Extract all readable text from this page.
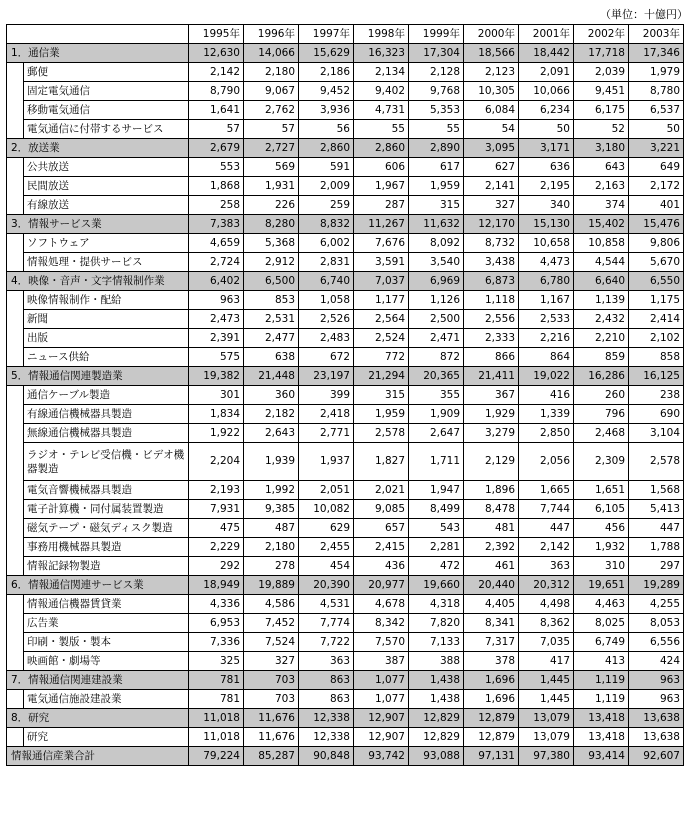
（単位：十億円）
		1995年	1996年	1997年	1998年	1999年	2000年	2001年	2002年	2003年
1．通信業		12,630	14,066	15,629	16,323	17,304	18,566	18,442	17,718	17,346
	郵便	2,142	2,180	2,186	2,134	2,128	2,123	2,091	2,039	1,979
	固定電気通信	8,790	9,067	9,452	9,402	9,768	10,305	10,066	9,451	8,780
	移動電気通信	1,641	2,762	3,936	4,731	5,353	6,084	6,234	6,175	6,537
	電気通信に付帯するサービス	57	57	56	55	55	54	50	52	50
2．放送業		2,679	2,727	2,860	2,860	2,890	3,095	3,171	3,180	3,221
	公共放送	553	569	591	606	617	627	636	643	649
	民間放送	1,868	1,931	2,009	1,967	1,959	2,141	2,195	2,163	2,172
	有線放送	258	226	259	287	315	327	340	374	401
3．情報サービス業		7,383	8,280	8,832	11,267	11,632	12,170	15,130	15,402	15,476
	ソフトウェア	4,659	5,368	6,002	7,676	8,092	8,732	10,658	10,858	9,806
	情報処理・提供サービス	2,724	2,912	2,831	3,591	3,540	3,438	4,473	4,544	5,670
4．映像・音声・文字情報制作業		6,402	6,500	6,740	7,037	6,969	6,873	6,780	6,640	6,550
	映像情報制作・配給	963	853	1,058	1,177	1,126	1,118	1,167	1,139	1,175
	新聞	2,473	2,531	2,526	2,564	2,500	2,556	2,533	2,432	2,414
	出版	2,391	2,477	2,483	2,524	2,471	2,333	2,216	2,210	2,102
	ニュース供給	575	638	672	772	872	866	864	859	858
5．情報通信関連製造業		19,382	21,448	23,197	21,294	20,365	21,411	19,022	16,286	16,125
	通信ケーブル製造	301	360	399	315	355	367	416	260	238
	有線通信機械器具製造	1,834	2,182	2,418	1,959	1,909	1,929	1,339	796	690
	無線通信機械器具製造	1,922	2,643	2,771	2,578	2,647	3,279	2,850	2,468	3,104
	ラジオ・テレビ受信機・ビデオ機器製造	2,204	1,939	1,937	1,827	1,711	2,129	2,056	2,309	2,578
	電気音響機械器具製造	2,193	1,992	2,051	2,021	1,947	1,896	1,665	1,651	1,568
	電子計算機・同付属装置製造	7,931	9,385	10,082	9,085	8,499	8,478	7,744	6,105	5,413
	磁気テープ・磁気ディスク製造	475	487	629	657	543	481	447	456	447
	事務用機械器具製造	2,229	2,180	2,455	2,415	2,281	2,392	2,142	1,932	1,788
	情報記録物製造	292	278	454	436	472	461	363	310	297
6．情報通信関連サービス業		18,949	19,889	20,390	20,977	19,660	20,440	20,312	19,651	19,289
	情報通信機器賃貸業	4,336	4,586	4,531	4,678	4,318	4,405	4,498	4,463	4,255
	広告業	6,953	7,452	7,774	8,342	7,820	8,341	8,362	8,025	8,053
	印刷・製版・製本	7,336	7,524	7,722	7,570	7,133	7,317	7,035	6,749	6,556
	映画館・劇場等	325	327	363	387	388	378	417	413	424
7．情報通信関連建設業		781	703	863	1,077	1,438	1,696	1,445	1,119	963
	電気通信施設建設業	781	703	863	1,077	1,438	1,696	1,445	1,119	963
8．研究		11,018	11,676	12,338	12,907	12,829	12,879	13,079	13,418	13,638
	研究	11,018	11,676	12,338	12,907	12,829	12,879	13,079	13,418	13,638
情報通信産業合計		79,224	85,287	90,848	93,742	93,088	97,131	97,380	93,414	92,607
